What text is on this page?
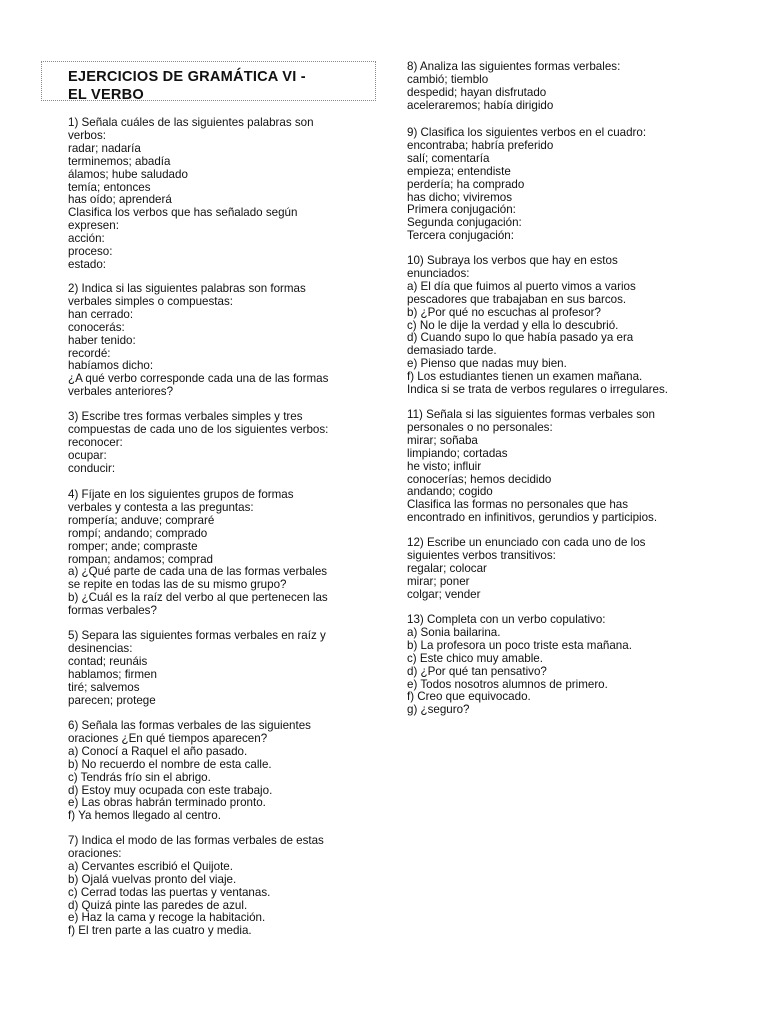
EJERCICIOS DE GRAMÁTICA VI -
EL VERBO
1) Señala cuáles de las siguientes palabras son
verbos:
radar; nadaría
terminemos; abadía
álamos; hube saludado
temía; entonces
has oído; aprenderá
Clasifica los verbos que has señalado según
expresen:
acción:
proceso:
estado:
2) Indica si las siguientes palabras son formas
verbales simples o compuestas:
han cerrado:
conocerás:
haber tenido:
recordé:
habíamos dicho:
¿A qué verbo corresponde cada una de las formas
verbales anteriores?
3) Escribe tres formas verbales simples y tres
compuestas de cada uno de los siguientes verbos:
reconocer:
ocupar:
conducir:
4) Fíjate en los siguientes grupos de formas
verbales y contesta a las preguntas:
rompería; anduve; compraré
rompí; andando; comprado
romper; ande; compraste
rompan; andamos; comprad
a) ¿Qué parte de cada una de las formas verbales
se repite en todas las de su mismo grupo?
b) ¿Cuál es la raíz del verbo al que pertenecen las
formas verbales?
5) Separa las siguientes formas verbales en raíz y
desinencias:
contad; reunáis
hablamos; firmen
tiré; salvemos
parecen; protege
6) Señala las formas verbales de las siguientes
oraciones ¿En qué tiempos aparecen?
a) Conocí a Raquel el año pasado.
b) No recuerdo el nombre de esta calle.
c) Tendrás frío sin el abrigo.
d) Estoy muy ocupada con este trabajo.
e) Las obras habrán terminado pronto.
f) Ya hemos llegado al centro.
7) Indica el modo de las formas verbales de estas
oraciones:
a) Cervantes escribió el Quijote.
b) Ojalá vuelvas pronto del viaje.
c) Cerrad todas las puertas y ventanas.
d) Quizá pinte las paredes de azul.
e) Haz la cama y recoge la habitación.
f) El tren parte a las cuatro y media.
8) Analiza las siguientes formas verbales:
cambió; tiemblo
despedid; hayan disfrutado
aceleraremos; había dirigido
9) Clasifica los siguientes verbos en el cuadro:
encontraba; habría preferido
salí; comentaría
empieza; entendiste
perdería; ha comprado
has dicho; viviremos
Primera conjugación:
Segunda conjugación:
Tercera conjugación:
10) Subraya los verbos que hay en estos
enunciados:
a) El día que fuimos al puerto vimos a varios
pescadores que trabajaban en sus barcos.
b) ¿Por qué no escuchas al profesor?
c) No le dije la verdad y ella lo descubrió.
d) Cuando supo lo que había pasado ya era
demasiado tarde.
e) Pienso que nadas muy bien.
f) Los estudiantes tienen un examen mañana.
Indica si se trata de verbos regulares o irregulares.
11) Señala si las siguientes formas verbales son
personales o no personales:
mirar; soñaba
limpiando; cortadas
he visto; influir
conocerías; hemos decidido
andando; cogido
Clasifica las formas no personales que has
encontrado en infinitivos, gerundios y participios.
12) Escribe un enunciado con cada uno de los
siguientes verbos transitivos:
regalar; colocar
mirar; poner
colgar; vender
13) Completa con un verbo copulativo:
a) Sonia bailarina.
b) La profesora un poco triste esta mañana.
c) Este chico muy amable.
d) ¿Por qué tan pensativo?
e) Todos nosotros alumnos de primero.
f) Creo que equivocado.
g) ¿seguro?
